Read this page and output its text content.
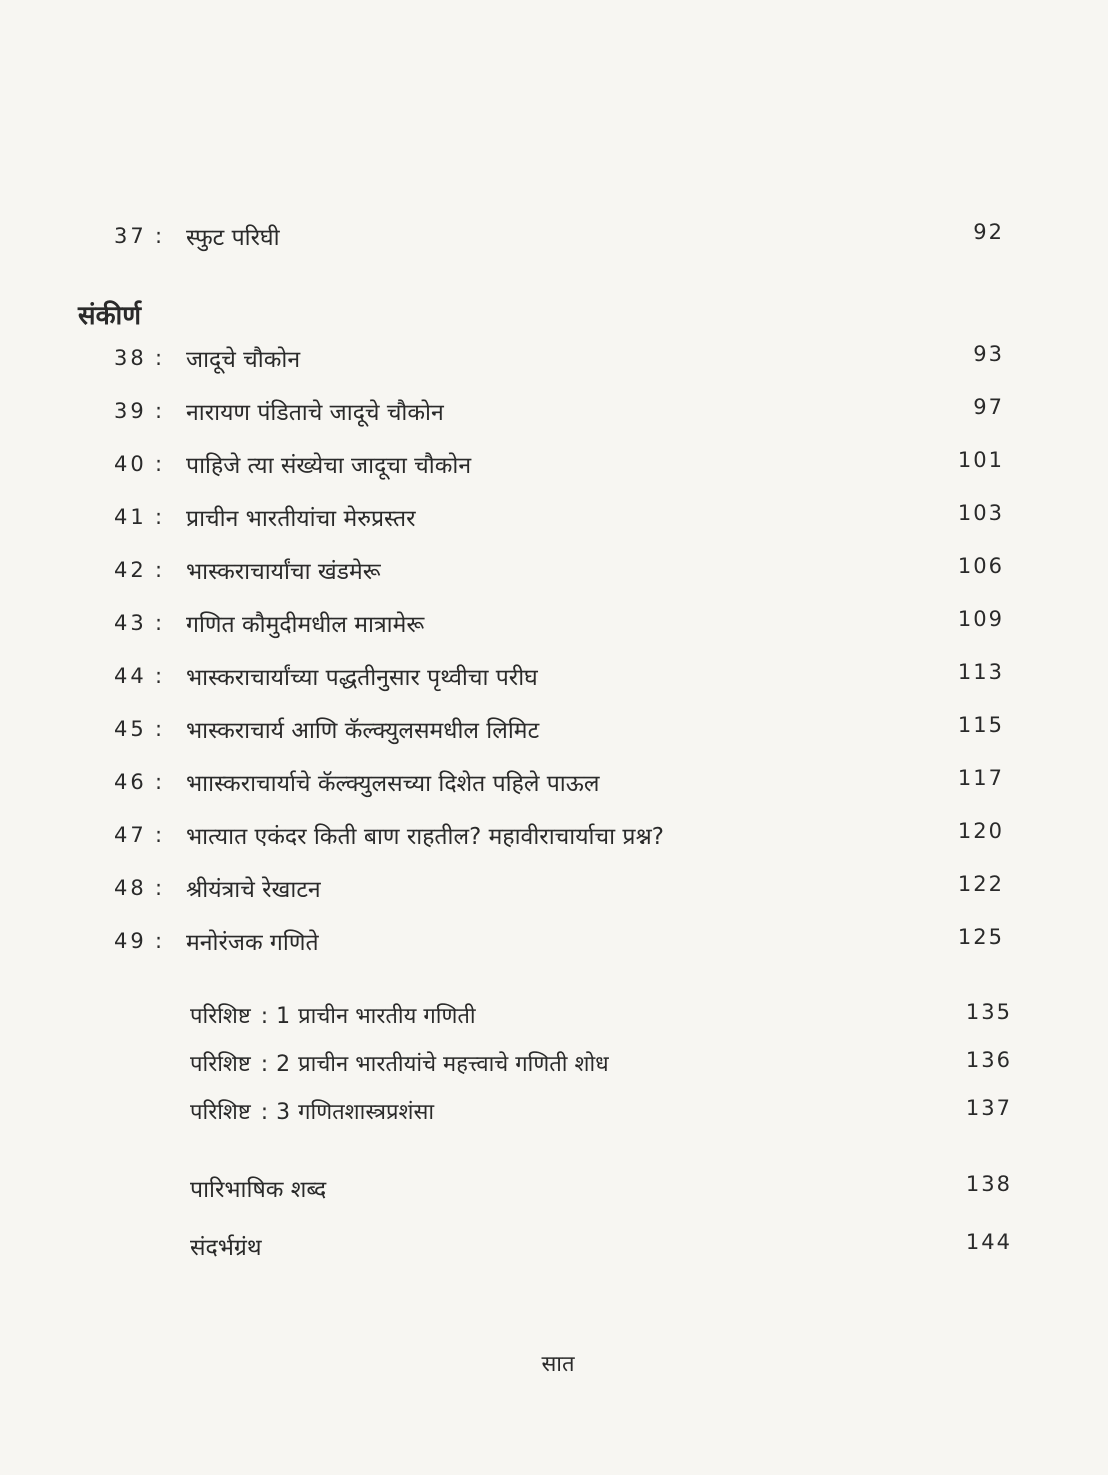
37 : स्फुट परिघी	92
संकीर्ण
38 : जादूचे चौकोन	93
39 : नारायण पंडिताचे जादूचे चौकोन	97
40 : पाहिजे त्या संख्येचा जादूचा चौकोन	101
41 : प्राचीन भारतीयांचा मेरुप्रस्तर	103
42 : भास्कराचार्यांचा खंडमेरू	106
43 : गणित कौमुदीमधील मात्रामेरू	109
44 : भास्कराचार्यांच्या पद्धतीनुसार पृथ्वीचा परीघ	113
45 : भास्कराचार्य आणि कॅल्क्युलसमधील लिमिट	115
46 : भाास्कराचार्याचे कॅल्क्युलसच्या दिशेत पहिले पाऊल	117
47 : भात्यात एकंदर किती बाण राहतील? महावीराचार्याचा प्रश्न?	120
48 : श्रीयंत्राचे रेखाटन	122
49 : मनोरंजक गणिते	125
परिशिष्ट : 1 प्राचीन भारतीय गणिती	135
परिशिष्ट : 2 प्राचीन भारतीयांचे महत्त्वाचे गणिती शोध	136
परिशिष्ट : 3 गणितशास्त्रप्रशंसा	137
पारिभाषिक शब्द	138
संदर्भग्रंथ	144
सात
